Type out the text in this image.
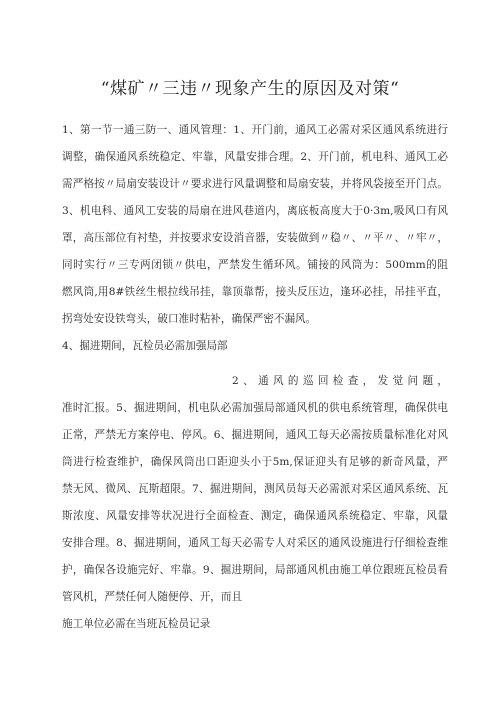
“煤矿〃三违〃现象产生的原因及对策“
1、第一节一通三防一、通风管理：1、开门前，通风工必需对采区通风系统进行
调整，确保通风系统稳定、牢靠，风量安排合理。2、开门前，机电科、通风工必
需严格按〃局扇安装设计〃要求进行风量调整和局扇安装，并将风袋接至开门点。
3、机电科、通风工安装的局扇在进风巷道内，离底板高度大于0·3m,吸风口有风
罩，高压部位有衬垫，并按要求安设消音器，安装做到〃稳〃、〃平〃、〃牢〃，
同时实行〃三专两闭锁〃供电，严禁发生循环风。铺接的风筒为：500mm的阻
燃风筒,用8#铁丝生根拉线吊挂，靠顶靠帮，接头反压边，逢环必挂，吊挂平直，
拐弯处安设铁弯头，破口准时粘补，确保严密不漏风。
4、掘进期间，瓦检员必需加强局部
2、通风的巡回检查，发觉问题，
准时汇报。5、掘进期间，机电队必需加强局部通风机的供电系统管理，确保供电
正常，严禁无方案停电、停风。6、掘进期间，通风工每天必需按质量标准化对风
筒进行检查维护，确保风筒出口距迎头小于5m,保证迎头有足够的新奇风量，严
禁无风、微风、瓦斯超限。7、掘进期间，测风员每天必需派对采区通风系统、瓦
斯浓度、风量安排等状况进行全面检查、测定，确保通风系统稳定、牢靠，风量
安排合理。8、掘进期间，通风工每天必需专人对采区的通风设施进行仔细检查维
护，确保各设施完好、牢靠。9、掘进期间，局部通风机由施工单位跟班瓦检员看
管风机，严禁任何人随便停、开，而且
施工单位必需在当班瓦检员记录
